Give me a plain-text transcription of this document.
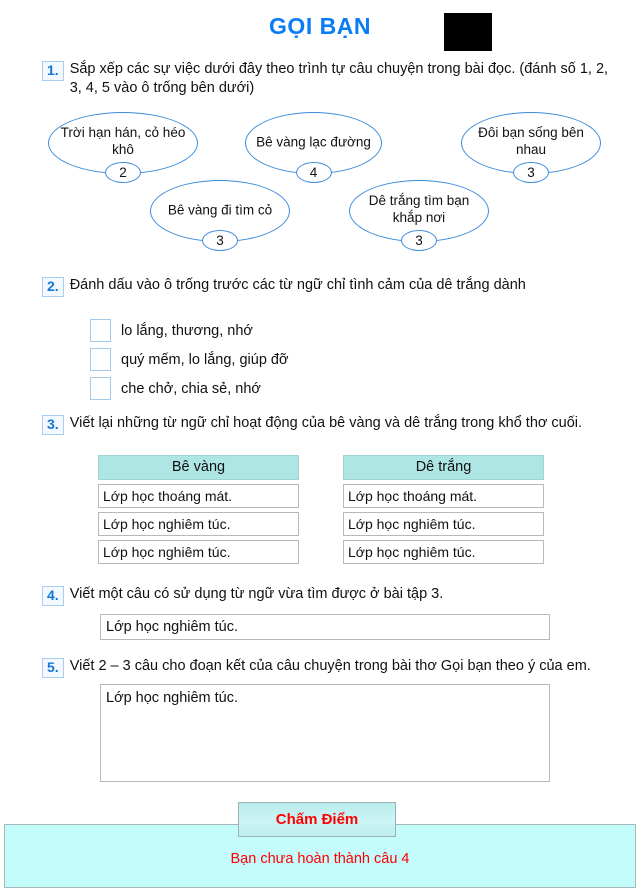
GỌI BẠN
1. Sắp xếp các sự việc dưới đây theo trình tự câu chuyện trong bài đọc. (đánh số 1, 2, 3, 4, 5 vào ô trống bên dưới)
Trời hạn hán, cỏ héo khô
2
Bê vàng lạc đường
4
Đôi bạn sống bên nhau
3
Bê vàng đi tìm cỏ
3
Dê trắng tìm bạn khắp nơi
3
2. Đánh dấu vào ô trống trước các từ ngữ chỉ tình cảm của dê trắng dành
lo lắng, thương, nhớ
quý mếm, lo lắng, giúp đỡ
che chở, chia sẻ, nhớ
3. Viết lại những từ ngữ chỉ hoạt động của bê vàng và dê trắng trong khổ thơ cuối.
Bê vàng
Lớp học thoáng mát.
Lớp học nghiêm túc.
Lớp học nghiêm túc.	Dê trắng
Lớp học thoáng mát.
Lớp học nghiêm túc.
Lớp học nghiêm túc.
4. Viết một câu có sử dụng từ ngữ vừa tìm được ở bài tập 3.
Lớp học nghiêm túc.
5. Viết 2 – 3 câu cho đoạn kết của câu chuyện trong bài thơ Gọi bạn theo ý của em.
Lớp học nghiêm túc.
Chấm Điểm
Bạn chưa hoàn thành câu 4
